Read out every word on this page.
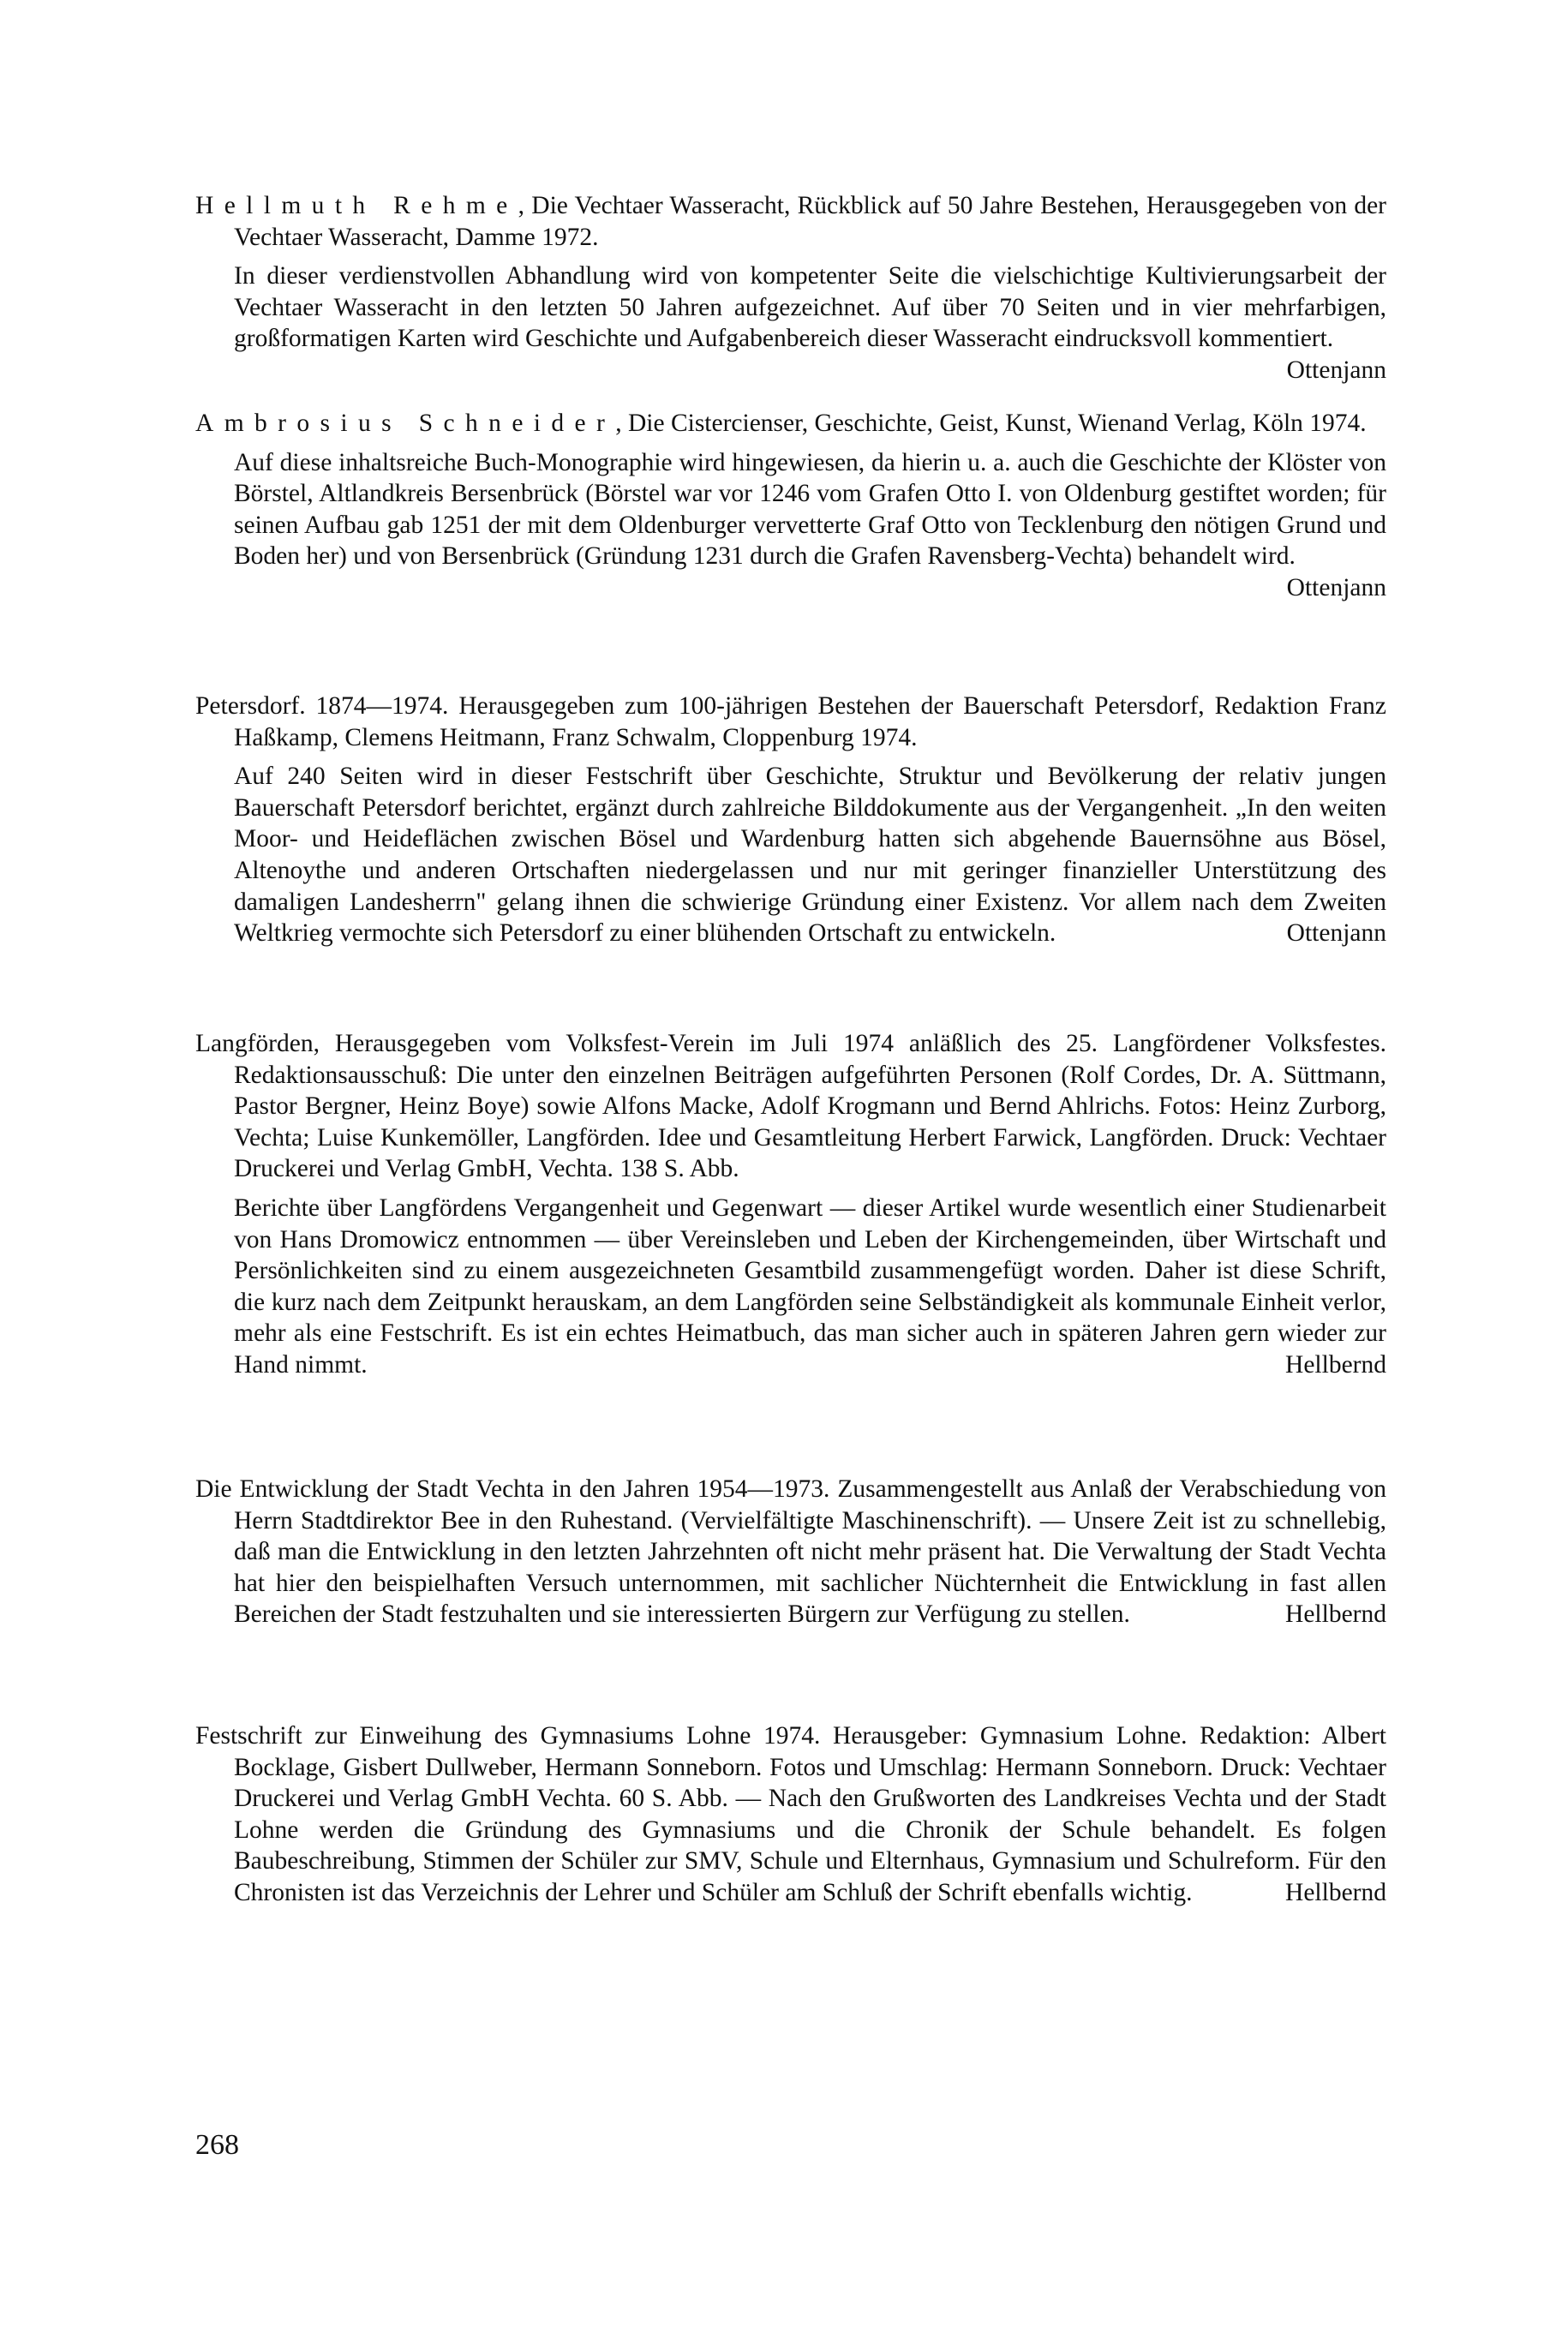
Hellmuth Rehme, Die Vechtaer Wasseracht, Rückblick auf 50 Jahre Bestehen, Herausgegeben von der Vechtaer Wasseracht, Damme 1972.

In dieser verdienstvollen Abhandlung wird von kompetenter Seite die vielschichtige Kultivierungsarbeit der Vechtaer Wasseracht in den letzten 50 Jahren aufgezeichnet. Auf über 70 Seiten und in vier mehrfarbigen, großformatigen Karten wird Geschichte und Aufgabenbereich dieser Wasseracht eindrucksvoll kommentiert.
Ottenjann

Ambrosius Schneider, Die Cistercienser, Geschichte, Geist, Kunst, Wienand Verlag, Köln 1974.

Auf diese inhaltsreiche Buch-Monographie wird hingewiesen, da hierin u. a. auch die Geschichte der Klöster von Börstel, Altlandkreis Bersenbrück (Börstel war vor 1246 vom Grafen Otto I. von Oldenburg gestiftet worden; für seinen Aufbau gab 1251 der mit dem Oldenburger vervetterte Graf Otto von Tecklenburg den nötigen Grund und Boden her) und von Bersenbrück (Gründung 1231 durch die Grafen Ravensberg-Vechta) behandelt wird.
Ottenjann

Petersdorf. 1874—1974. Herausgegeben zum 100-jährigen Bestehen der Bauerschaft Petersdorf, Redaktion Franz Haßkamp, Clemens Heitmann, Franz Schwalm, Cloppenburg 1974.

Auf 240 Seiten wird in dieser Festschrift über Geschichte, Struktur und Bevölkerung der relativ jungen Bauerschaft Petersdorf berichtet, ergänzt durch zahlreiche Bilddokumente aus der Vergangenheit. „In den weiten Moor- und Heideflächen zwischen Bösel und Wardenburg hatten sich abgehende Bauernsöhne aus Bösel, Altenoythe und anderen Ortschaften niedergelassen und nur mit geringer finanzieller Unterstützung des damaligen Landesherrn" gelang ihnen die schwierige Gründung einer Existenz. Vor allem nach dem Zweiten Weltkrieg vermochte sich Petersdorf zu einer blühenden Ortschaft zu entwickeln.	Ottenjann

Langförden, Herausgegeben vom Volksfest-Verein im Juli 1974 anläßlich des 25. Langfördener Volksfestes. Redaktionsausschuß: Die unter den einzelnen Beiträgen aufgeführten Personen (Rolf Cordes, Dr. A. Süttmann, Pastor Bergner, Heinz Boye) sowie Alfons Macke, Adolf Krogmann und Bernd Ahlrichs. Fotos: Heinz Zurborg, Vechta; Luise Kunkemöller, Langförden. Idee und Gesamtleitung Herbert Farwick, Langförden. Druck: Vechtaer Druckerei und Verlag GmbH, Vechta. 138 S. Abb.

Berichte über Langfördens Vergangenheit und Gegenwart — dieser Artikel wurde wesentlich einer Studienarbeit von Hans Dromowicz entnommen — über Vereinsleben und Leben der Kirchengemeinden, über Wirtschaft und Persönlichkeiten sind zu einem ausgezeichneten Gesamtbild zusammengefügt worden. Daher ist diese Schrift, die kurz nach dem Zeitpunkt herauskam, an dem Langförden seine Selbständigkeit als kommunale Einheit verlor, mehr als eine Festschrift. Es ist ein echtes Heimatbuch, das man sicher auch in späteren Jahren gern wieder zur Hand nimmt.	Hellbernd

Die Entwicklung der Stadt Vechta in den Jahren 1954—1973. Zusammengestellt aus Anlaß der Verabschiedung von Herrn Stadtdirektor Bee in den Ruhestand. (Vervielfältigte Maschinenschrift). — Unsere Zeit ist zu schnellebig, daß man die Entwicklung in den letzten Jahrzehnten oft nicht mehr präsent hat. Die Verwaltung der Stadt Vechta hat hier den beispielhaften Versuch unternommen, mit sachlicher Nüchternheit die Entwicklung in fast allen Bereichen der Stadt festzuhalten und sie interessierten Bürgern zur Verfügung zu stellen.	Hellbernd

Festschrift zur Einweihung des Gymnasiums Lohne 1974. Herausgeber: Gymnasium Lohne. Redaktion: Albert Bocklage, Gisbert Dullweber, Hermann Sonneborn. Fotos und Umschlag: Hermann Sonneborn. Druck: Vechtaer Druckerei und Verlag GmbH Vechta. 60 S. Abb. — Nach den Grußworten des Landkreises Vechta und der Stadt Lohne werden die Gründung des Gymnasiums und die Chronik der Schule behandelt. Es folgen Baubeschreibung, Stimmen der Schüler zur SMV, Schule und Elternhaus, Gymnasium und Schulreform. Für den Chronisten ist das Verzeichnis der Lehrer und Schüler am Schluß der Schrift ebenfalls wichtig.	Hellbernd

268
